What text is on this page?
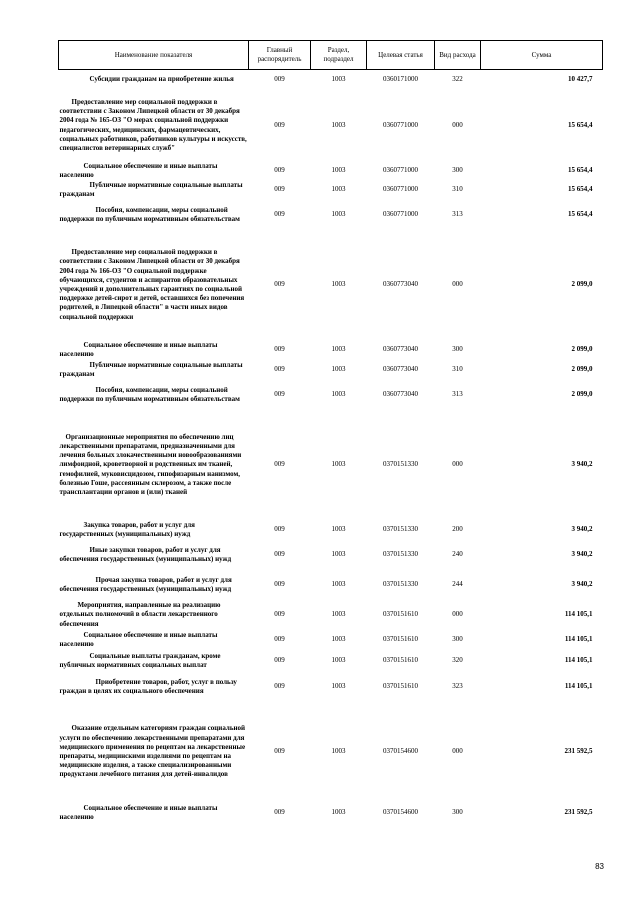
Наименование показателя	Главный распорядитель	Раздел, подраздел	Целевая статья	Вид расхода	Сумма
Субсидии гражданам на приобретение жилья	009	1003	0360171000	322	10 427,7
Предоставление мер социальной поддержки в соответствии с Законом Липецкой области от 30 декабря 2004 года № 165-ОЗ "О мерах социальной поддержки педагогических, медицинских, фармацевтических, социальных работников, работников культуры и искусств, специалистов ветеринарных служб"	009	1003	0360771000	000	15 654,4
Социальное обеспечение и иные выплаты населению	009	1003	0360771000	300	15 654,4
Публичные нормативные социальные выплаты гражданам	009	1003	0360771000	310	15 654,4
Пособия, компенсации, меры социальной поддержки по публичным нормативным обязательствам	009	1003	0360771000	313	15 654,4
Предоставление мер социальной поддержки в соответствии с Законом Липецкой области от 30 декабря 2004 года № 166-ОЗ "О социальной поддержке обучающихся, студентов и аспирантов образовательных учреждений и дополнительных гарантиях по социальной поддержке детей-сирот и детей, оставшихся без попечения родителей, в Липецкой области" в части иных видов социальной поддержки	009	1003	0360773040	000	2 099,0
Социальное обеспечение и иные выплаты населению	009	1003	0360773040	300	2 099,0
Публичные нормативные социальные выплаты гражданам	009	1003	0360773040	310	2 099,0
Пособия, компенсации, меры социальной поддержки по публичным нормативным обязательствам	009	1003	0360773040	313	2 099,0
Организационные мероприятия по обеспечению лиц лекарственными препаратами, предназначенными для лечения больных злокачественными новообразованиями лимфоидной, кроветворной и родственных им тканей, гемофилией, муковисцидозом, гипофизарным нанизмом, болезнью Гоше, рассеянным склерозом, а также после трансплантации органов и (или) тканей	009	1003	0370151330	000	3 940,2
Закупка товаров, работ и услуг для государственных (муниципальных) нужд	009	1003	0370151330	200	3 940,2
Иные закупки товаров, работ и услуг для обеспечения государственных (муниципальных) нужд	009	1003	0370151330	240	3 940,2
Прочая закупка товаров, работ и услуг для обеспечения государственных (муниципальных) нужд	009	1003	0370151330	244	3 940,2
Мероприятия, направленные на реализацию отдельных полномочий в области лекарственного обеспечения	009	1003	0370151610	000	114 105,1
Социальное обеспечение и иные выплаты населению	009	1003	0370151610	300	114 105,1
Социальные выплаты гражданам, кроме публичных нормативных социальных выплат	009	1003	0370151610	320	114 105,1
Приобретение товаров, работ, услуг в пользу граждан в целях их социального обеспечения	009	1003	0370151610	323	114 105,1
Оказание отдельным категориям граждан социальной услуги по обеспечению лекарственными препаратами для медицинского применения по рецептам на лекарственные препараты, медицинскими изделиями по рецептам на медицинские изделия, а также специализированными продуктами лечебного питания для детей-инвалидов	009	1003	0370154600	000	231 592,5
Социальное обеспечение и иные выплаты населению	009	1003	0370154600	300	231 592,5
83
